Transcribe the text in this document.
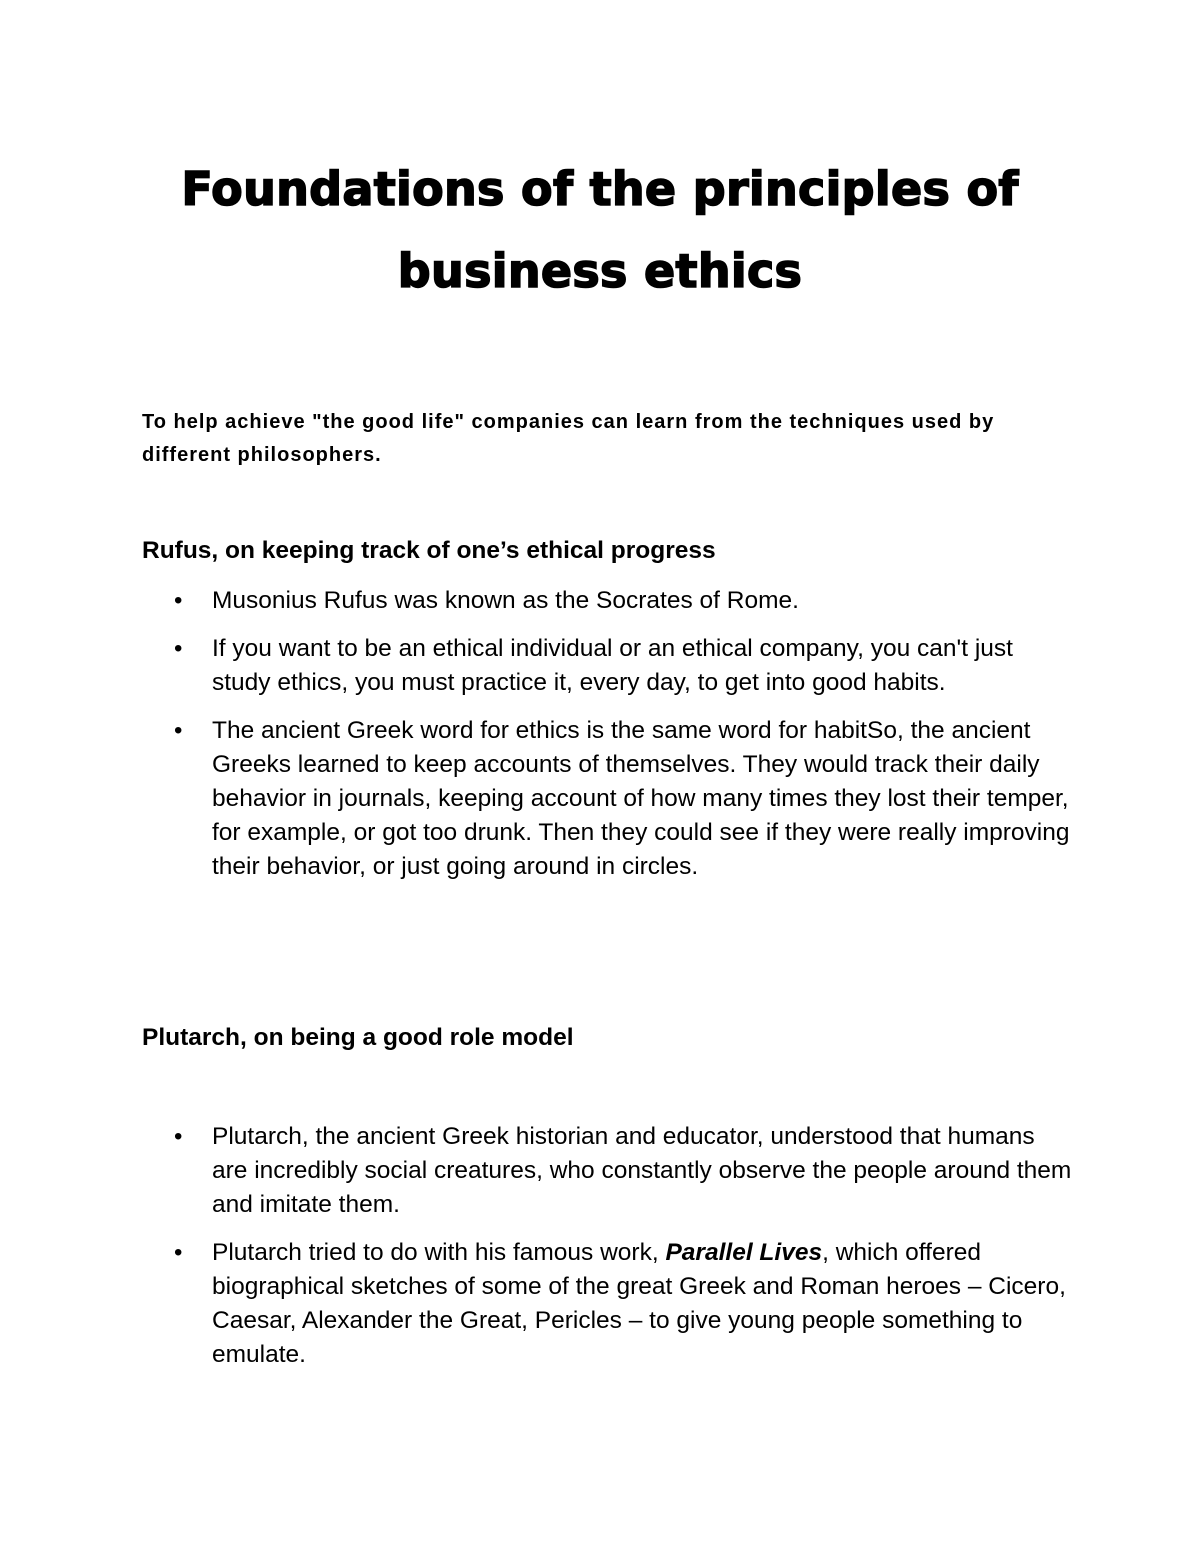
Foundations of the principles of business ethics

To help achieve "the good life" companies can learn from the techniques used by different philosophers.

Rufus, on keeping track of one’s ethical progress
• Musonius Rufus was known as the Socrates of Rome.
• If you want to be an ethical individual or an ethical company, you can't just study ethics, you must practice it, every day, to get into good habits.
• The ancient Greek word for ethics is the same word for habitSo, the ancient Greeks learned to keep accounts of themselves. They would track their daily behavior in journals, keeping account of how many times they lost their temper, for example, or got too drunk. Then they could see if they were really improving their behavior, or just going around in circles.
Plutarch, on being a good role model
• Plutarch, the ancient Greek historian and educator, understood that humans are incredibly social creatures, who constantly observe the people around them and imitate them.
• Plutarch tried to do with his famous work, Parallel Lives, which offered biographical sketches of some of the great Greek and Roman heroes – Cicero, Caesar, Alexander the Great, Pericles – to give young people something to emulate.
